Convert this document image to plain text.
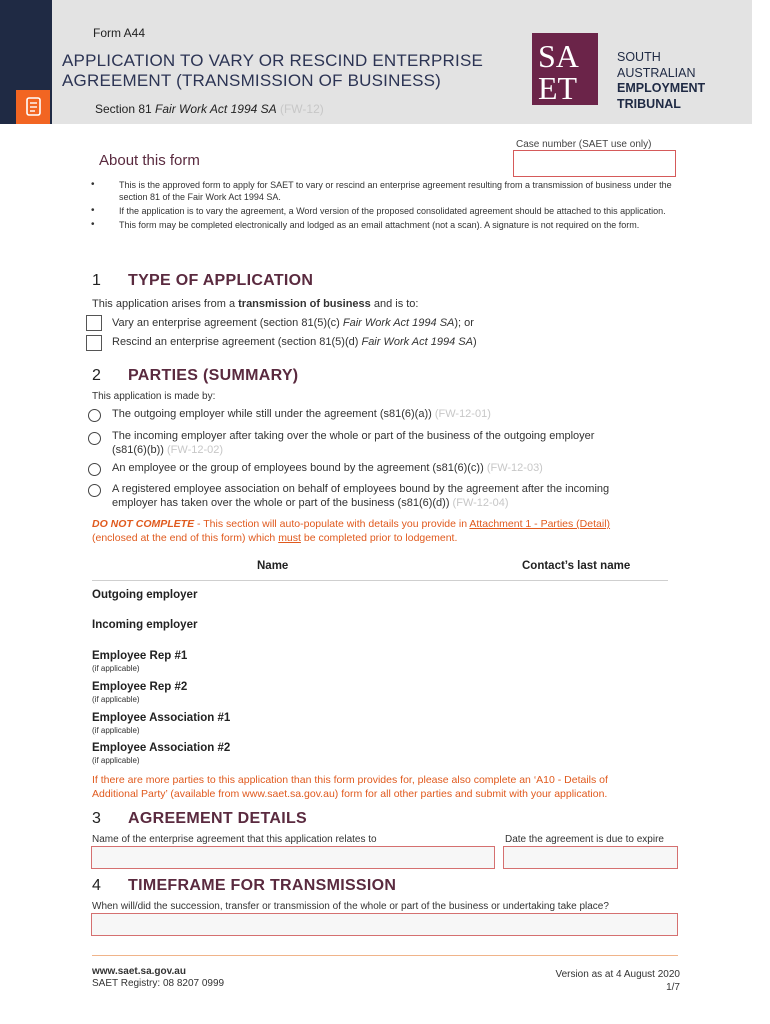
Form A44
APPLICATION TO VARY OR RESCIND ENTERPRISE
AGREEMENT (TRANSMISSION OF BUSINESS)
Section 81 Fair Work Act 1994 SA (FW-12)
SA
ET
SOUTH
AUSTRALIAN
EMPLOYMENT
TRIBUNAL
Case number (SAET use only)
About this form
• This is the approved form to apply for SAET to vary or rescind an enterprise agreement resulting from a transmission of business under the section 81 of the Fair Work Act 1994 SA.
• If the application is to vary the agreement, a Word version of the proposed consolidated agreement should be attached to this application.
• This form may be completed electronically and lodged as an email attachment (not a scan). A signature is not required on the form.
1 TYPE OF APPLICATION
This application arises from a transmission of business and is to:
Vary an enterprise agreement (section 81(5)(c) Fair Work Act 1994 SA); or
Rescind an enterprise agreement (section 81(5)(d) Fair Work Act 1994 SA)
2 PARTIES (SUMMARY)
This application is made by:
The outgoing employer while still under the agreement (s81(6)(a)) (FW-12-01)
The incoming employer after taking over the whole or part of the business of the outgoing employer
(s81(6)(b)) (FW-12-02)
An employee or the group of employees bound by the agreement (s81(6)(c)) (FW-12-03)
A registered employee association on behalf of employees bound by the agreement after the incoming
employer has taken over the whole or part of the business (s81(6)(d)) (FW-12-04)
DO NOT COMPLETE - This section will auto-populate with details you provide in Attachment 1 - Parties (Detail)
(enclosed at the end of this form) which must be completed prior to lodgement.
Name	Contact’s last name
Outgoing employer
Incoming employer
Employee Rep #1
(if applicable)
Employee Rep #2
(if applicable)
Employee Association #1
(if applicable)
Employee Association #2
(if applicable)
If there are more parties to this application than this form provides for, please also complete an ‘A10 - Details of
Additional Party’ (available from www.saet.sa.gov.au) form for all other parties and submit with your application.
3 AGREEMENT DETAILS
Name of the enterprise agreement that this application relates to	Date the agreement is due to expire
4 TIMEFRAME FOR TRANSMISSION
When will/did the succession, transfer or transmission of the whole or part of the business or undertaking take place?
www.saet.sa.gov.au
SAET Registry: 08 8207 0999
Version as at 4 August 2020
1/7
